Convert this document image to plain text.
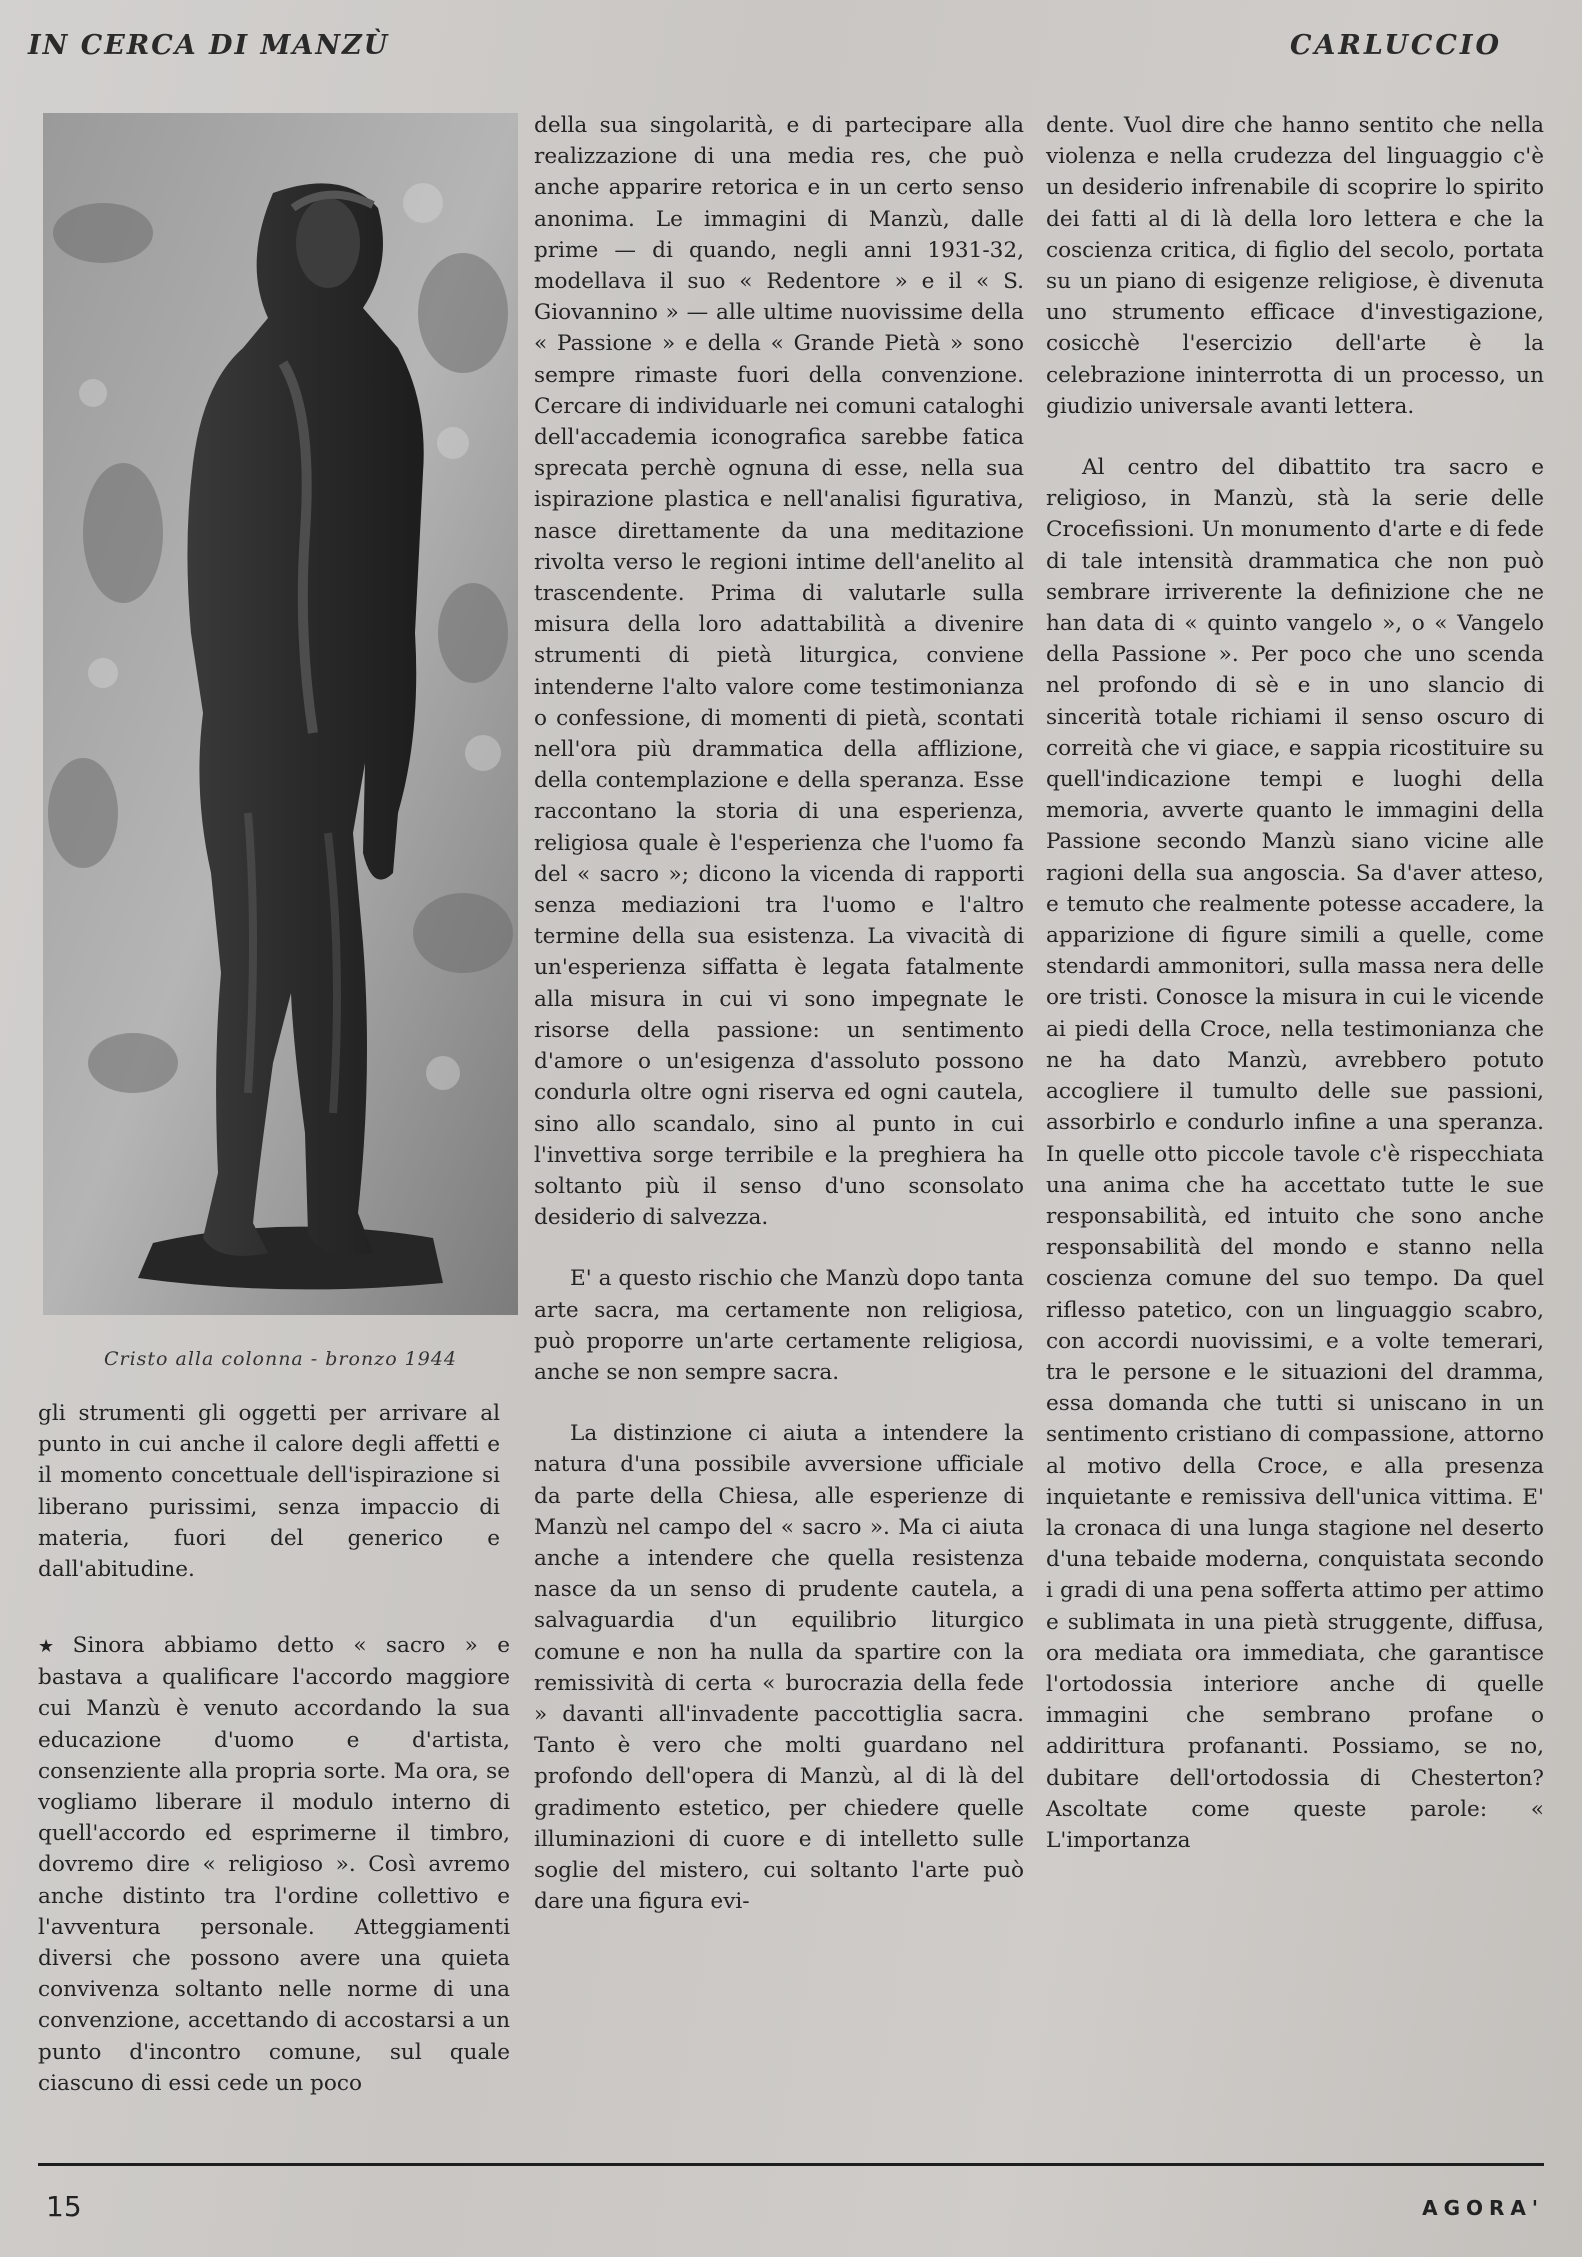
IN CERCA DI MANZÙ	CARLUCCIO
Cristo alla colonna - bronzo 1944

gli strumenti gli oggetti per arrivare al punto in cui anche il calore degli affetti e il momento concettuale dell'ispirazione si liberano purissimi, senza impaccio di materia, fuori del generico e dall'abitudine.

★ Sinora abbiamo detto « sacro » e bastava a qualificare l'accordo maggiore cui Manzù è venuto accordando la sua educazione d'uomo e d'artista, consenziente alla propria sorte. Ma ora, se vogliamo liberare il modulo interno di quell'accordo ed esprimerne il timbro, dovremo dire « religioso ». Così avremo anche distinto tra l'ordine collettivo e l'avventura personale. Atteggiamenti diversi che possono avere una quieta convivenza soltanto nelle norme di una convenzione, accettando di accostarsi a un punto d'incontro comune, sul quale ciascuno di essi cede un poco

della sua singolarità, e di partecipare alla realizzazione di una media res, che può anche apparire retorica e in un certo senso anonima. Le immagini di Manzù, dalle prime — di quando, negli anni 1931-32, modellava il suo « Redentore » e il « S. Giovannino » — alle ultime nuovissime della « Passione » e della « Grande Pietà » sono sempre rimaste fuori della convenzione. Cercare di individuarle nei comuni cataloghi dell'accademia iconografica sarebbe fatica sprecata perchè ognuna di esse, nella sua ispirazione plastica e nell'analisi figurativa, nasce direttamente da una meditazione rivolta verso le regioni intime dell'anelito al trascendente. Prima di valutarle sulla misura della loro adattabilità a divenire strumenti di pietà liturgica, conviene intenderne l'alto valore come testimonianza o confessione, di momenti di pietà, scontati nell'ora più drammatica della afflizione, della contemplazione e della speranza. Esse raccontano la storia di una esperienza, religiosa quale è l'esperienza che l'uomo fa del « sacro »; dicono la vicenda di rapporti senza mediazioni tra l'uomo e l'altro termine della sua esistenza. La vivacità di un'esperienza siffatta è legata fatalmente alla misura in cui vi sono impegnate le risorse della passione: un sentimento d'amore o un'esigenza d'assoluto possono condurla oltre ogni riserva ed ogni cautela, sino allo scandalo, sino al punto in cui l'invettiva sorge terribile e la preghiera ha soltanto più il senso d'uno sconsolato desiderio di salvezza.

E' a questo rischio che Manzù dopo tanta arte sacra, ma certamente non religiosa, può proporre un'arte certamente religiosa, anche se non sempre sacra.

La distinzione ci aiuta a intendere la natura d'una possibile avversione ufficiale da parte della Chiesa, alle esperienze di Manzù nel campo del « sacro ». Ma ci aiuta anche a intendere che quella resistenza nasce da un senso di prudente cautela, a salvaguardia d'un equilibrio liturgico comune e non ha nulla da spartire con la remissività di certa « burocrazia della fede » davanti all'invadente paccottiglia sacra. Tanto è vero che molti guardano nel profondo dell'opera di Manzù, al di là del gradimento estetico, per chiedere quelle illuminazioni di cuore e di intelletto sulle soglie del mistero, cui soltanto l'arte può dare una figura evi-

dente. Vuol dire che hanno sentito che nella violenza e nella crudezza del linguaggio c'è un desiderio infrenabile di scoprire lo spirito dei fatti al di là della loro lettera e che la coscienza critica, di figlio del secolo, portata su un piano di esigenze religiose, è divenuta uno strumento efficace d'investigazione, cosicchè l'esercizio dell'arte è la celebrazione ininterrotta di un processo, un giudizio universale avanti lettera.

Al centro del dibattito tra sacro e religioso, in Manzù, stà la serie delle Crocefissioni. Un monumento d'arte e di fede di tale intensità drammatica che non può sembrare irriverente la definizione che ne han data di « quinto vangelo », o « Vangelo della Passione ». Per poco che uno scenda nel profondo di sè e in uno slancio di sincerità totale richiami il senso oscuro di correità che vi giace, e sappia ricostituire su quell'indicazione tempi e luoghi della memoria, avverte quanto le immagini della Passione secondo Manzù siano vicine alle ragioni della sua angoscia. Sa d'aver atteso, e temuto che realmente potesse accadere, la apparizione di figure simili a quelle, come stendardi ammonitori, sulla massa nera delle ore tristi. Conosce la misura in cui le vicende ai piedi della Croce, nella testimonianza che ne ha dato Manzù, avrebbero potuto accogliere il tumulto delle sue passioni, assorbirlo e condurlo infine a una speranza. In quelle otto piccole tavole c'è rispecchiata una anima che ha accettato tutte le sue responsabilità, ed intuito che sono anche responsabilità del mondo e stanno nella coscienza comune del suo tempo. Da quel riflesso patetico, con un linguaggio scabro, con accordi nuovissimi, e a volte temerari, tra le persone e le situazioni del dramma, essa domanda che tutti si uniscano in un sentimento cristiano di compassione, attorno al motivo della Croce, e alla presenza inquietante e remissiva dell'unica vittima. E' la cronaca di una lunga stagione nel deserto d'una tebaide moderna, conquistata secondo i gradi di una pena sofferta attimo per attimo e sublimata in una pietà struggente, diffusa, ora mediata ora immediata, che garantisce l'ortodossia interiore anche di quelle immagini che sembrano profane o addirittura profananti. Possiamo, se no, dubitare dell'ortodossia di Chesterton? Ascoltate come queste parole: « L'importanza

15	AGORA'
